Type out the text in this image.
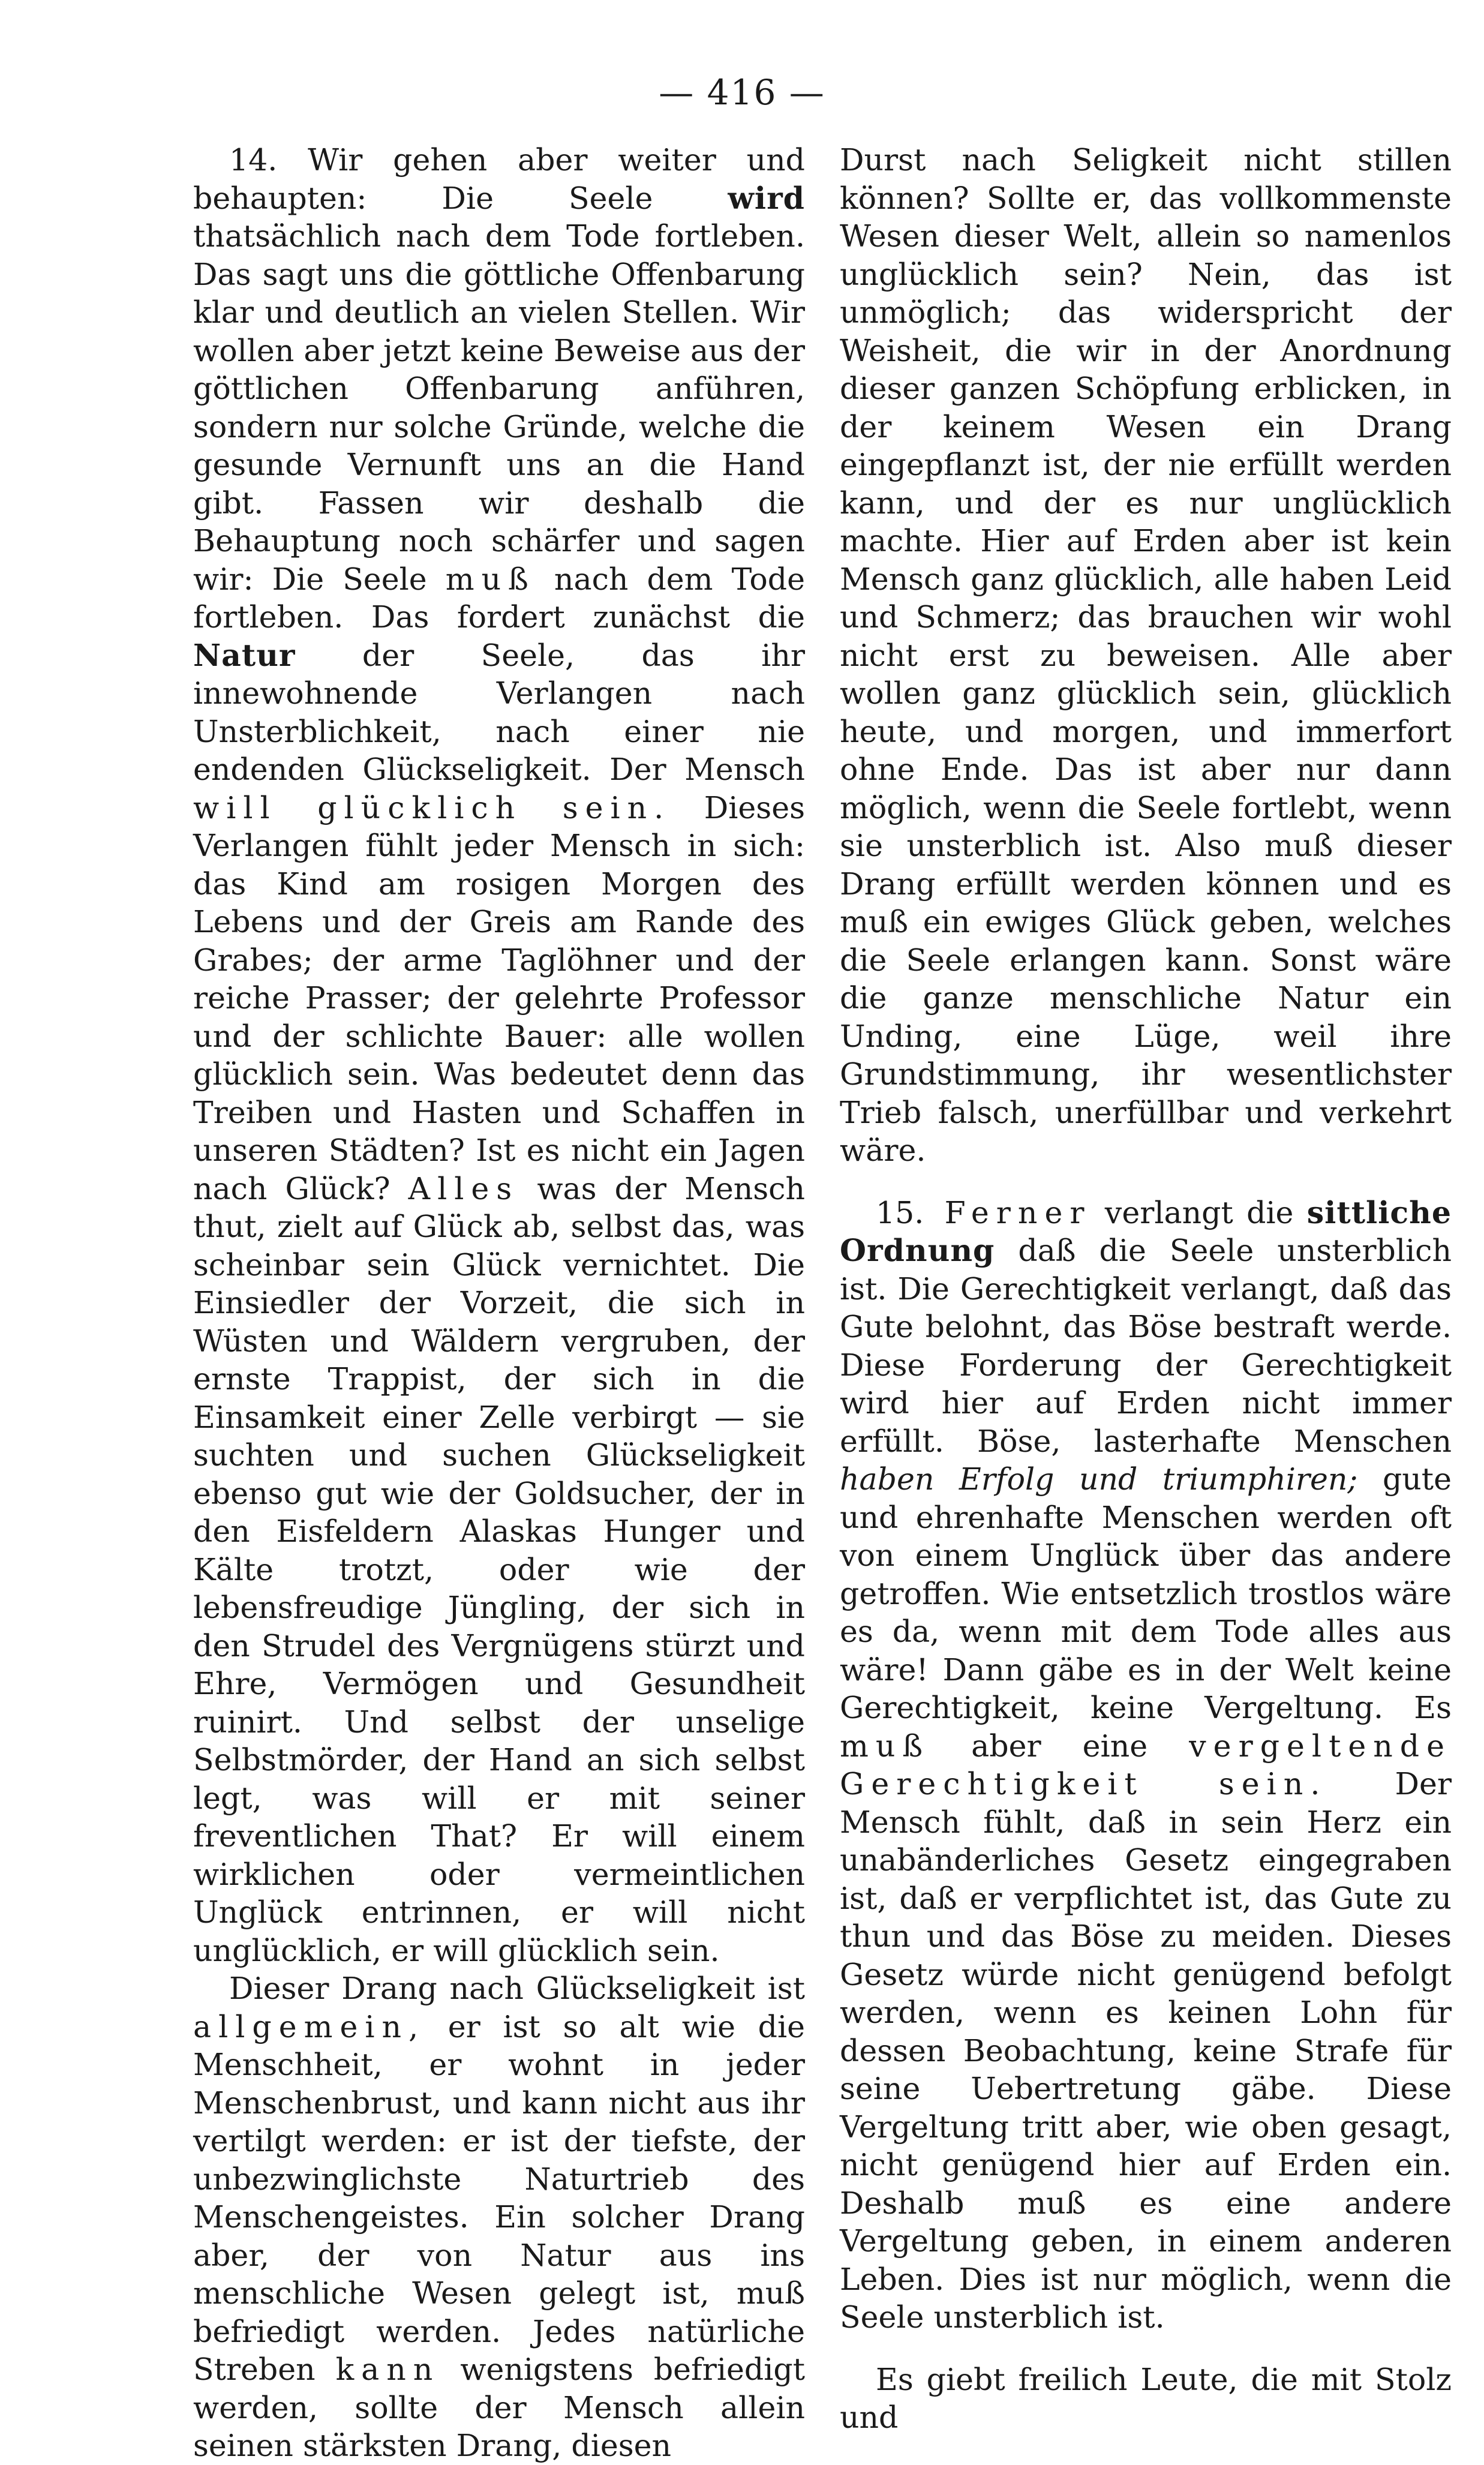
— 416 —

14. Wir gehen aber weiter und behaupten: Die Seele wird thatsächlich nach dem Tode fortleben. Das sagt uns die göttliche Offenbarung klar und deutlich an vielen Stellen. Wir wollen aber jetzt keine Beweise aus der göttlichen Offenbarung anführen, sondern nur solche Gründe, welche die gesunde Vernunft uns an die Hand gibt. Fassen wir deshalb die Behauptung noch schärfer und sagen wir: Die Seele muß nach dem Tode fortleben. Das fordert zunächst die Natur der Seele, das ihr innewohnende Verlangen nach Unsterblichkeit, nach einer nie endenden Glückseligkeit. Der Mensch will glücklich sein. Dieses Verlangen fühlt jeder Mensch in sich: das Kind am rosigen Morgen des Lebens und der Greis am Rande des Grabes; der arme Taglöhner und der reiche Prasser; der gelehrte Professor und der schlichte Bauer: alle wollen glücklich sein. Was bedeutet denn das Treiben und Hasten und Schaffen in unseren Städten? Ist es nicht ein Jagen nach Glück? Alles was der Mensch thut, zielt auf Glück ab, selbst das, was scheinbar sein Glück vernichtet. Die Einsiedler der Vorzeit, die sich in Wüsten und Wäldern vergruben, der ernste Trappist, der sich in die Einsamkeit einer Zelle verbirgt — sie suchten und suchen Glückseligkeit ebenso gut wie der Goldsucher, der in den Eisfeldern Alaskas Hunger und Kälte trotzt, oder wie der lebensfreudige Jüngling, der sich in den Strudel des Vergnügens stürzt und Ehre, Vermögen und Gesundheit ruinirt. Und selbst der unselige Selbstmörder, der Hand an sich selbst legt, was will er mit seiner freventlichen That? Er will einem wirklichen oder vermeintlichen Unglück entrinnen, er will nicht unglücklich, er will glücklich sein.

Dieser Drang nach Glückseligkeit ist allgemein, er ist so alt wie die Menschheit, er wohnt in jeder Menschenbrust, und kann nicht aus ihr vertilgt werden: er ist der tiefste, der unbezwinglichste Naturtrieb des Menschengeistes. Ein solcher Drang aber, der von Natur aus ins menschliche Wesen gelegt ist, muß befriedigt werden. Jedes natürliche Streben kann wenigstens befriedigt werden, sollte der Mensch allein seinen stärksten Drang, diesen

Durst nach Seligkeit nicht stillen können? Sollte er, das vollkommenste Wesen dieser Welt, allein so namenlos unglücklich sein? Nein, das ist unmöglich; das widerspricht der Weisheit, die wir in der Anordnung dieser ganzen Schöpfung erblicken, in der keinem Wesen ein Drang eingepflanzt ist, der nie erfüllt werden kann, und der es nur unglücklich machte. Hier auf Erden aber ist kein Mensch ganz glücklich, alle haben Leid und Schmerz; das brauchen wir wohl nicht erst zu beweisen. Alle aber wollen ganz glücklich sein, glücklich heute, und morgen, und immerfort ohne Ende. Das ist aber nur dann möglich, wenn die Seele fortlebt, wenn sie unsterblich ist. Also muß dieser Drang erfüllt werden können und es muß ein ewiges Glück geben, welches die Seele erlangen kann. Sonst wäre die ganze menschliche Natur ein Unding, eine Lüge, weil ihre Grundstimmung, ihr wesentlichster Trieb falsch, unerfüllbar und verkehrt wäre.

15. Ferner verlangt die sittliche Ordnung daß die Seele unsterblich ist. Die Gerechtigkeit verlangt, daß das Gute belohnt, das Böse bestraft werde. Diese Forderung der Gerechtigkeit wird hier auf Erden nicht immer erfüllt. Böse, lasterhafte Menschen haben Erfolg und triumphiren; gute und ehrenhafte Menschen werden oft von einem Unglück über das andere getroffen. Wie entsetzlich trostlos wäre es da, wenn mit dem Tode alles aus wäre! Dann gäbe es in der Welt keine Gerechtigkeit, keine Vergeltung. Es muß aber eine vergeltende Gerechtigkeit sein. Der Mensch fühlt, daß in sein Herz ein unabänderliches Gesetz eingegraben ist, daß er verpflichtet ist, das Gute zu thun und das Böse zu meiden. Dieses Gesetz würde nicht genügend befolgt werden, wenn es keinen Lohn für dessen Beobachtung, keine Strafe für seine Uebertretung gäbe. Diese Vergeltung tritt aber, wie oben gesagt, nicht genügend hier auf Erden ein. Deshalb muß es eine andere Vergeltung geben, in einem anderen Leben. Dies ist nur möglich, wenn die Seele unsterblich ist.

Es giebt freilich Leute, die mit Stolz und
